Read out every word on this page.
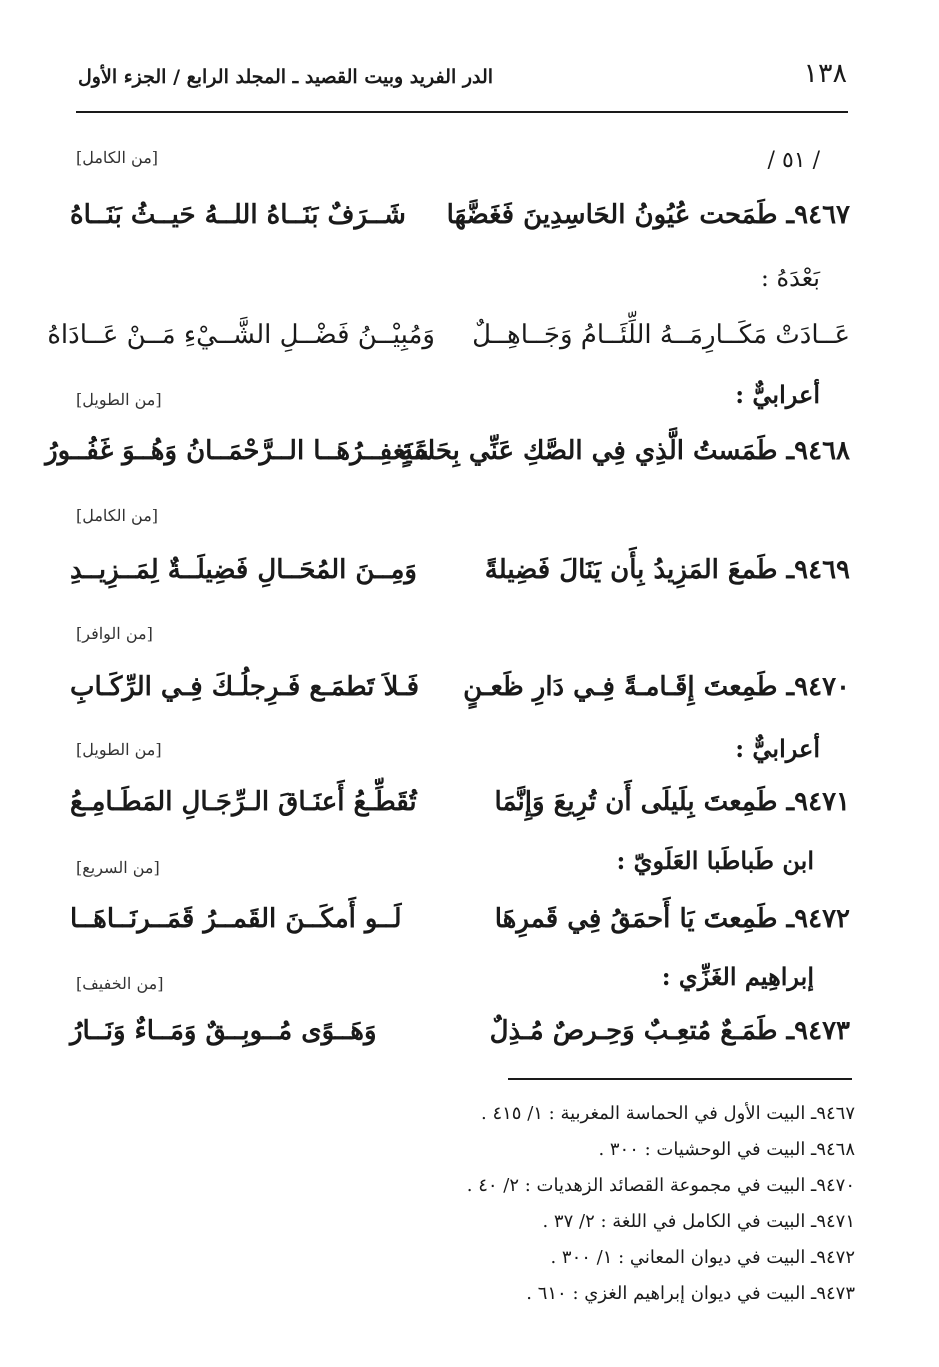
١٣٨
الدر الفريد وبيت القصيد ـ المجلد الرابع / الجزء الأول
/ ٥١ /
[من الكامل]
٩٤٦٧ـ طَمَحت عُيُونُ الحَاسِدِينَ فَغَضَّهَا
شَــرَفٌ بَنَــاهُ اللــهُ حَيــثُ بَنَــاهُ
بَعْدَهُ :
عَــادَتْ مَكَــارِمَــهُ اللِّئَــامُ وَجَــاهِــلٌ
وَمُبِيْــنُ فَضْــلِ الشَّــيْءِ مَــنْ عَــادَاهُ
أعرابيٌّ :
[من الطويل]
٩٤٦٨ـ طَمَستُ الَّذِي فِي الصَّكِ عَنِّي بِحَلفَةٍ
سَيَغفِــرُهَــا الــرَّحْمَــانُ وَهُــوَ غَفُــورُ
[من الكامل]
٩٤٦٩ـ طَمعَ المَزِيدُ بِأَن يَنَالَ فَضِيلةً
وَمِــنَ المُحَــالِ فَضِيلَــةٌ لِمَــزِيــدِ
[من الوافر]
٩٤٧٠ـ طَمِعتَ إِقَـامـةً فِـي دَارِ ظَعـنٍ
فَـلاَ تَطمَـع فَـرِجلُـكَ فِـي الرِّكَـابِ
أعرابيٌّ :
[من الطويل]
٩٤٧١ـ طَمِعتَ بِلَيلَى أَن تُرِيعَ وَإِنَّمَا
تُقَطِّـعُ أَعنَـاقَ الـرِّجَـالِ المَطَـامِـعُ
ابن طَباطَبا العَلَويّ :
[من السريع]
٩٤٧٢ـ طَمِعتَ يَا أَحمَقُ فِي قَمرِهَا
لَــو أَمكَــنَ القَمــرُ قَمَــرنَــاهَــا
إبراهِيم الغَزِّي :
[من الخفيف]
٩٤٧٣ـ طَمَـعٌ مُتعِـبٌ وَحِـرصٌ مُـذِلٌ
وَهَــوًى مُــوبِــقٌ وَمَــاءٌ وَنَــارُ
٩٤٦٧ـ البيت الأول في الحماسة المغربية : ١/ ٤١٥ .
٩٤٦٨ـ البيت في الوحشيات : ٣٠٠ .
٩٤٧٠ـ البيت في مجموعة القصائد الزهديات : ٢/ ٤٠ .
٩٤٧١ـ البيت في الكامل في اللغة : ٢/ ٣٧ .
٩٤٧٢ـ البيت في ديوان المعاني : ١/ ٣٠٠ .
٩٤٧٣ـ البيت في ديوان إبراهيم الغزي : ٦١٠ .
